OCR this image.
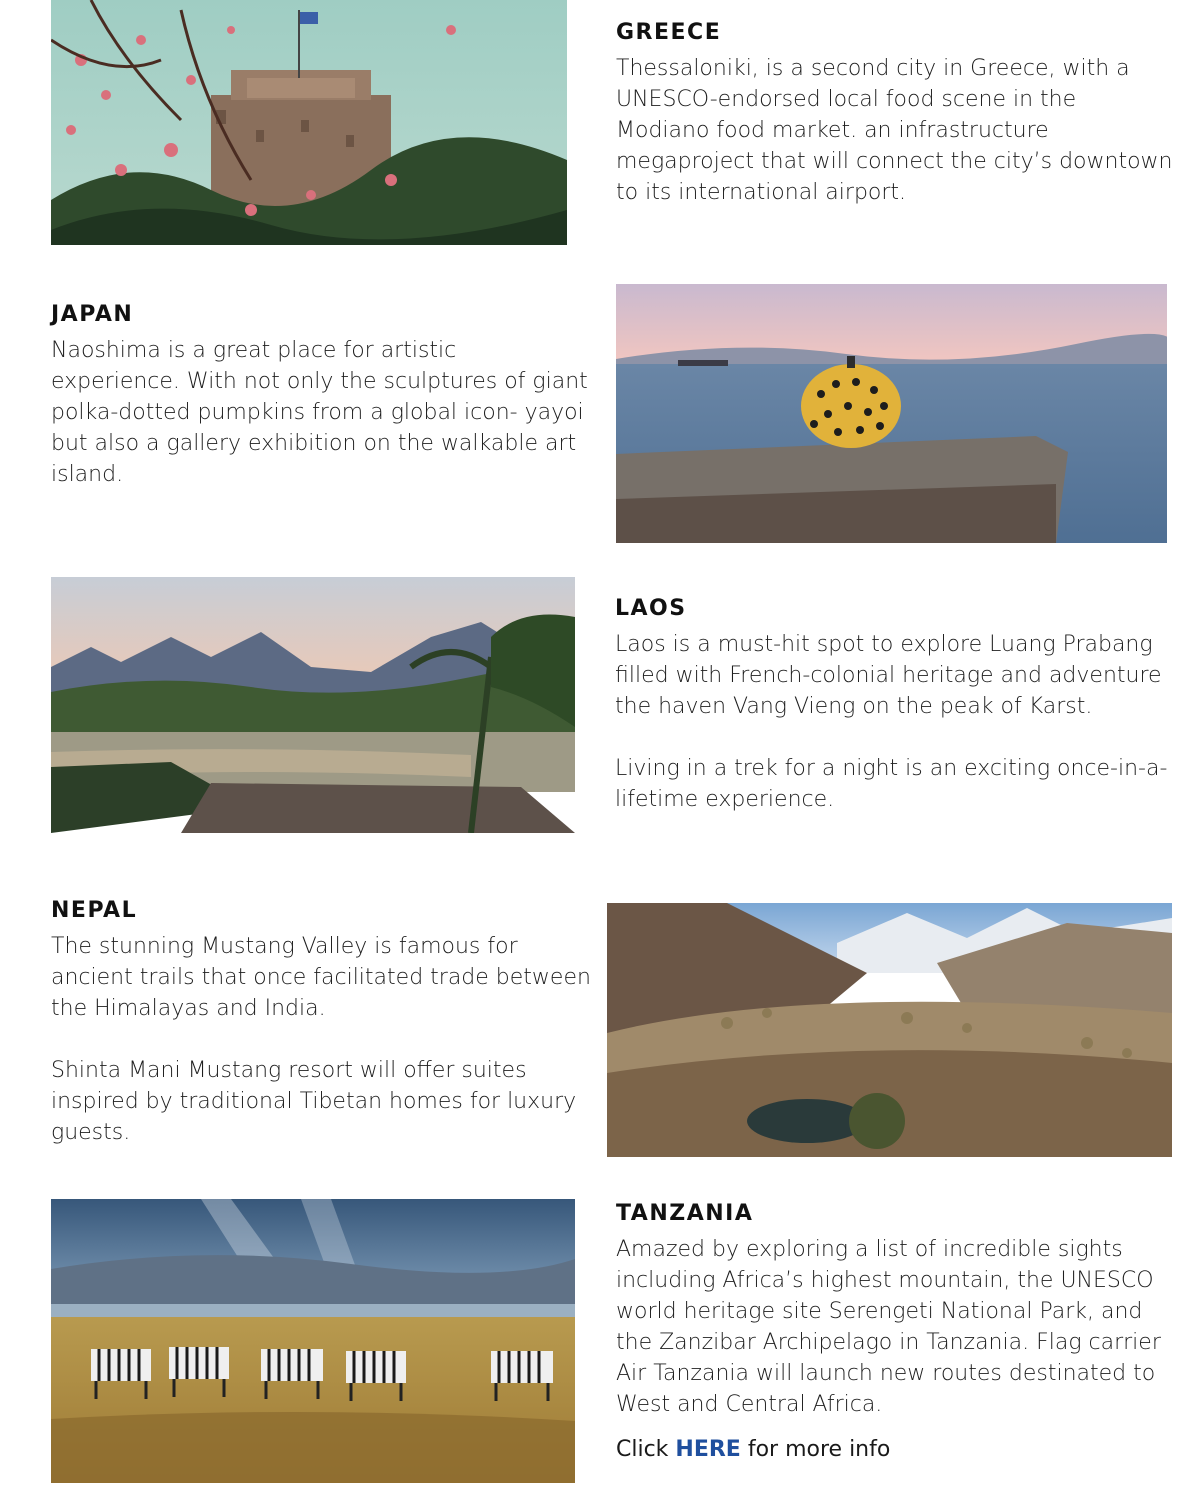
GREECE

Thessaloniki, is a second city in Greece, with a UNESCO-endorsed local food scene in the Modiano food market. an infrastructure megaproject that will connect the city’s downtown to its international airport.

JAPAN

Naoshima is a great place for artistic experience. With not only the sculptures of giant polka-dotted pumpkins from a global icon- yayoi but also a gallery exhibition on the walkable art island.

LAOS

Laos is a must-hit spot to explore Luang Prabang filled with French-colonial heritage and adventure the haven Vang Vieng on the peak of Karst.

Living in a trek for a night is an exciting once-in-a-lifetime experience.

NEPAL

The stunning Mustang Valley is famous for ancient trails that once facilitated trade between the Himalayas and India.

Shinta Mani Mustang resort will offer suites inspired by traditional Tibetan homes for luxury guests.

TANZANIA

Amazed by exploring a list of incredible sights including Africa’s highest mountain, the UNESCO world heritage site Serengeti National Park, and the Zanzibar Archipelago in Tanzania. Flag carrier Air Tanzania will launch new routes destinated to West and Central Africa.

Click HERE for more info
